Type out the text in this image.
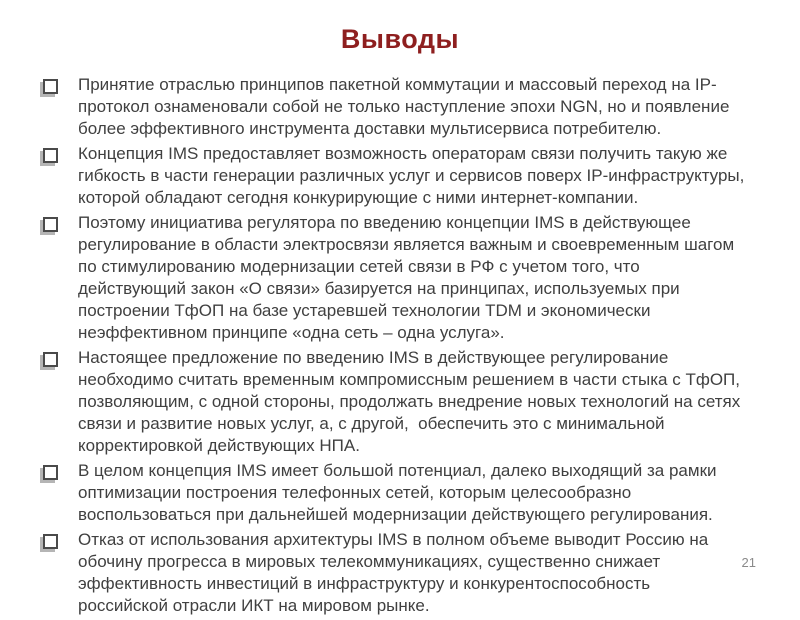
Выводы
Принятие отраслью принципов пакетной коммутации и массовый переход на IP-
протокол ознаменовали собой не только наступление эпохи NGN, но и появление
более эффективного инструмента доставки мультисервиса потребителю.
Концепция IMS предоставляет возможность операторам связи получить такую же
гибкость в части генерации различных услуг и сервисов поверх IP-инфраструктуры,
которой обладают сегодня конкурирующие с ними интернет-компании.
Поэтому инициатива регулятора по введению концепции IMS в действующее
регулирование в области электросвязи является важным и своевременным шагом
по стимулированию модернизации сетей связи в РФ с учетом того, что
действующий закон «О связи» базируется на принципах, используемых при
построении ТфОП на базе устаревшей технологии TDM и экономически
неэффективном принципе «одна сеть – одна услуга».
Настоящее предложение по введению IMS в действующее регулирование
необходимо считать временным компромиссным решением в части стыка с ТфОП,
позволяющим, с одной стороны, продолжать внедрение новых технологий на сетях
связи и развитие новых услуг, а, с другой,  обеспечить это с минимальной
корректировкой действующих НПА.
В целом концепция IMS имеет большой потенциал, далеко выходящий за рамки
оптимизации построения телефонных сетей, которым целесообразно
воспользоваться при дальнейшей модернизации действующего регулирования.
Отказ от использования архитектуры IMS в полном объеме выводит Россию на
обочину прогресса в мировых телекоммуникациях, существенно снижает
эффективность инвестиций в инфраструктуру и конкурентоспособность
российской отрасли ИКТ на мировом рынке.
21
